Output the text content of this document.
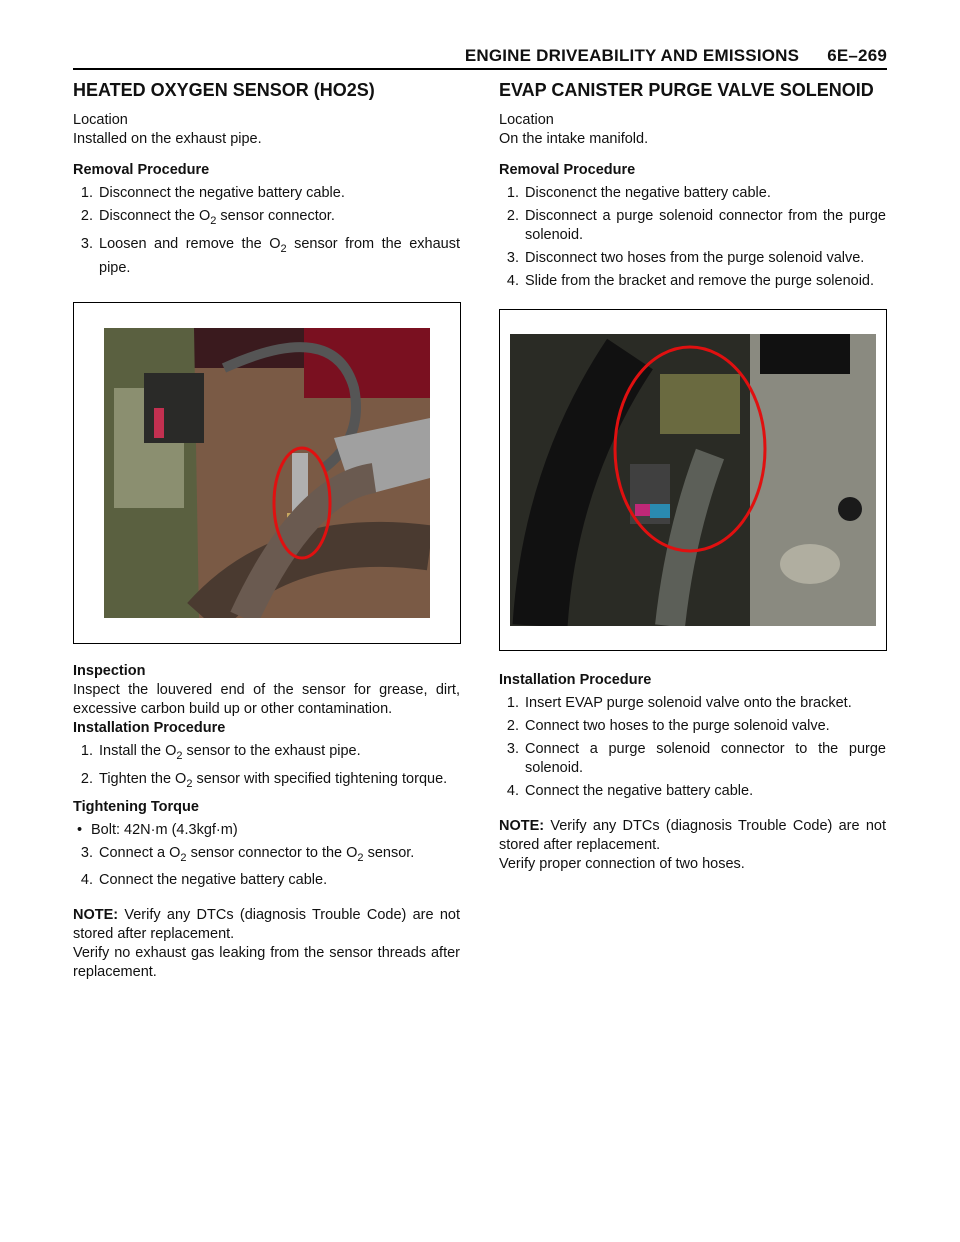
ENGINE DRIVEABILITY AND EMISSIONS 6E–269
HEATED OXYGEN SENSOR (HO2S)

Location

Installed on the exhaust pipe.

Removal Procedure

1. Disconnect the negative battery cable.
2. Disconnect the $O_2$ sensor connector.
3. Loosen and remove the $O_2$ sensor from the exhaust pipe.

Inspection

Inspect the louvered end of the sensor for grease, dirt, excessive carbon build up or other contamination.

Installation Procedure

1. Install the $O_2$ sensor to the exhaust pipe.
2. Tighten the $O_2$ sensor with specified tightening torque.

Tightening Torque

• Bolt: 42N·m (4.3kgf·m)
3. Connect a $O_2$ sensor connector to the $O_2$ sensor.
4. Connect the negative battery cable.

NOTE: Verify any DTCs (diagnosis Trouble Code) are not stored after replacement.

Verify no exhaust gas leaking from the sensor threads after replacement.

EVAP CANISTER PURGE VALVE SOLENOID

Location

On the intake manifold.

Removal Procedure

1. Disconenct the negative battery cable.
2. Disconnect a purge solenoid connector from the purge solenoid.
3. Disconnect two hoses from the purge solenoid valve.
4. Slide from the bracket and remove the purge solenoid.

Installation Procedure

1. Insert EVAP purge solenoid valve onto the bracket.
2. Connect two hoses to the purge solenoid valve.
3. Connect a purge solenoid connector to the purge solenoid.
4. Connect the negative battery cable.

NOTE: Verify any DTCs (diagnosis Trouble Code) are not stored after replacement.

Verify proper connection of two hoses.
